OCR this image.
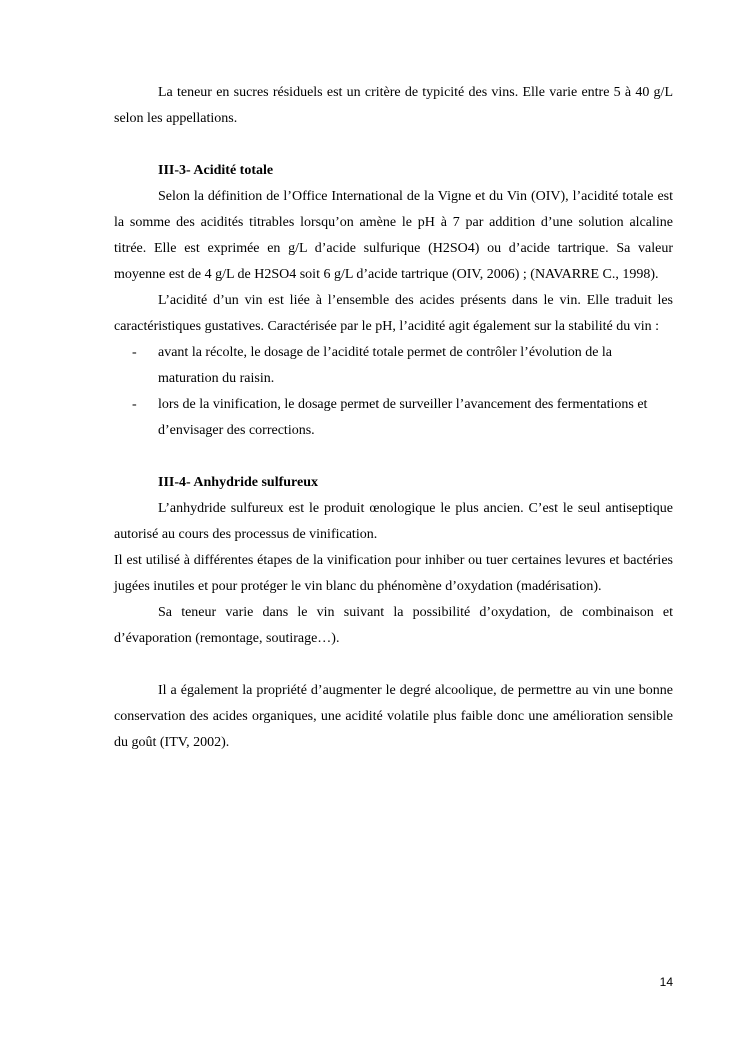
La teneur en sucres résiduels est un critère de typicité des vins. Elle varie entre 5 à 40 g/L selon les appellations.

III-3- Acidité totale

Selon la définition de l’Office International de la Vigne et du Vin (OIV), l’acidité totale est la somme des acidités titrables lorsqu’on amène le pH à 7 par addition d’une solution alcaline titrée. Elle est exprimée en g/L d’acide sulfurique (H2SO4) ou d’acide tartrique. Sa valeur moyenne est de 4 g/L de H2SO4 soit 6 g/L d’acide tartrique (OIV, 2006) ; (NAVARRE C., 1998).

L’acidité d’un vin est liée à l’ensemble des acides présents dans le vin. Elle traduit les caractéristiques gustatives. Caractérisée par le pH, l’acidité agit également sur la stabilité du vin :

- avant la récolte, le dosage de l’acidité totale permet de contrôler l’évolution de la maturation du raisin.
- lors de la vinification, le dosage permet de surveiller l’avancement des fermentations et d’envisager des corrections.

III-4- Anhydride sulfureux

L’anhydride sulfureux est le produit œnologique le plus ancien. C’est le seul antiseptique autorisé au cours des processus de vinification.

Il est utilisé à différentes étapes de la vinification pour inhiber ou tuer certaines levures et bactéries jugées inutiles et pour protéger le vin blanc du phénomène d’oxydation (madérisation).

Sa teneur varie dans le vin suivant la possibilité d’oxydation, de combinaison et d’évaporation (remontage, soutirage…).

Il a également la propriété d’augmenter le degré alcoolique, de permettre au vin une bonne conservation des acides organiques, une acidité volatile plus faible donc une amélioration sensible du goût (ITV, 2002).

14
